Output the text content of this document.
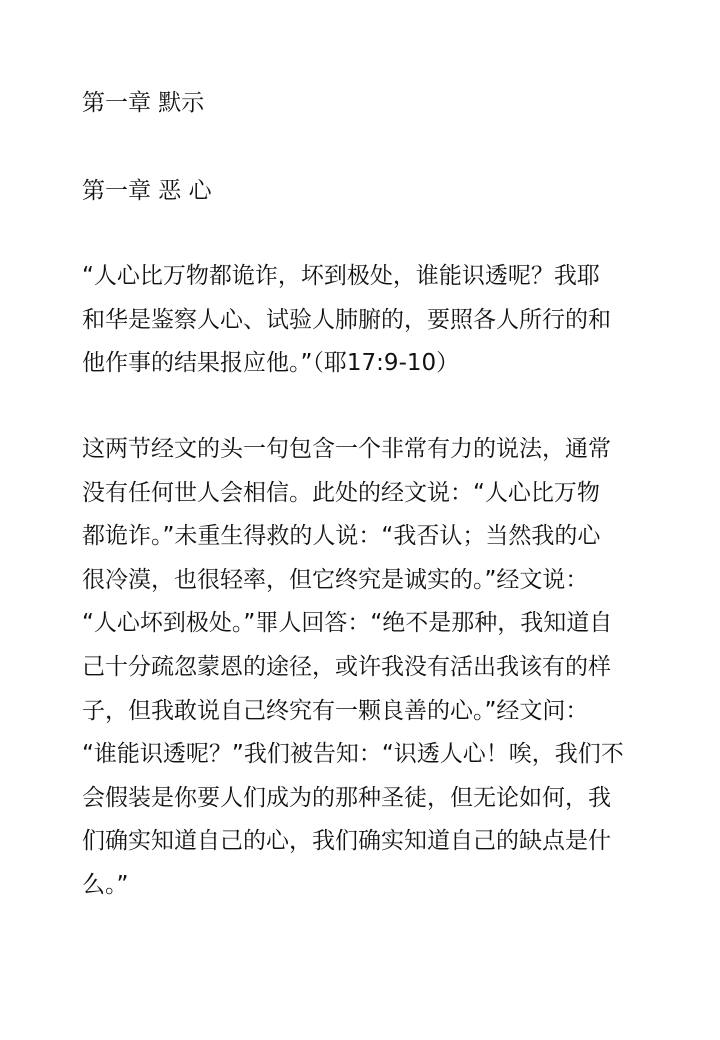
第一章 默示
第一章 恶 心

“人心比万物都诡诈，坏到极处，谁能识透呢？我耶
和华是鉴察人心、试验人肺腑的，要照各人所行的和
他作事的结果报应他。”（耶17:9-10）

这两节经文的头一句包含一个非常有力的说法，通常
没有任何世人会相信。此处的经文说：“人心比万物
都诡诈。”未重生得救的人说：“我否认；当然我的心
很冷漠，也很轻率，但它终究是诚实的。”经文说：
“人心坏到极处。”罪人回答：“绝不是那种，我知道自
己十分疏忽蒙恩的途径，或许我没有活出我该有的样
子，但我敢说自己终究有一颗良善的心。”经文问：
“谁能识透呢？”我们被告知：“识透人心！唉，我们不
会假装是你要人们成为的那种圣徒，但无论如何，我
们确实知道自己的心，我们确实知道自己的缺点是什
么。”
